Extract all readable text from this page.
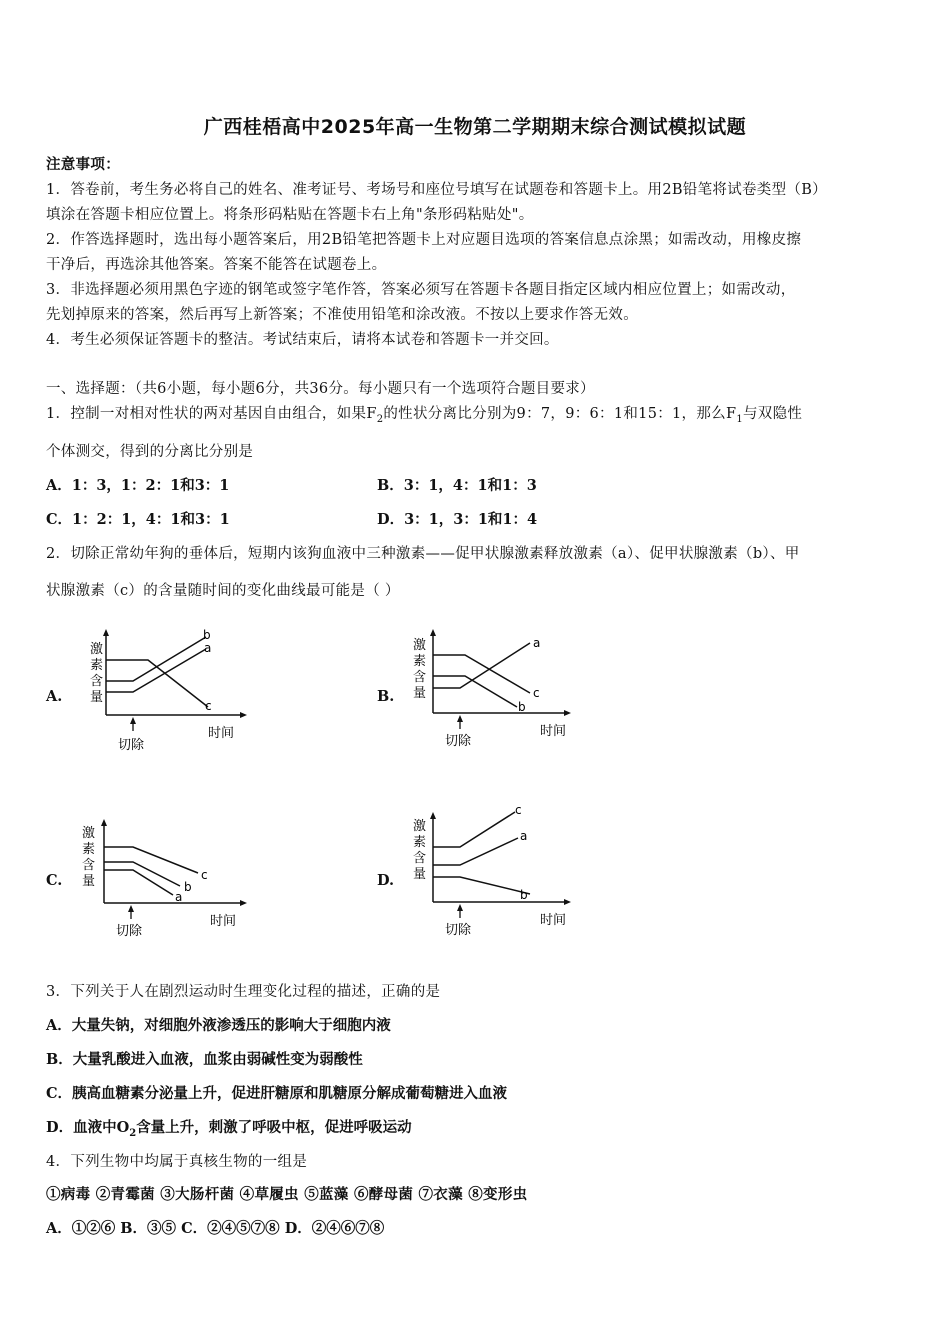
广西桂梧高中2025年高一生物第二学期期末综合测试模拟试题
注意事项：
1．答卷前，考生务必将自己的姓名、准考证号、考场号和座位号填写在试题卷和答题卡上。用2B铅笔将试卷类型（B）
填涂在答题卡相应位置上。将条形码粘贴在答题卡右上角"条形码粘贴处"。
2．作答选择题时，选出每小题答案后，用2B铅笔把答题卡上对应题目选项的答案信息点涂黑；如需改动，用橡皮擦
干净后，再选涂其他答案。答案不能答在试题卷上。
3．非选择题必须用黑色字迹的钢笔或签字笔作答，答案必须写在答题卡各题目指定区域内相应位置上；如需改动，
先划掉原来的答案，然后再写上新答案；不准使用铅笔和涂改液。不按以上要求作答无效。
4．考生必须保证答题卡的整洁。考试结束后，请将本试卷和答题卡一并交回。
一、选择题：（共6小题，每小题6分，共36分。每小题只有一个选项符合题目要求）
1．控制一对相对性状的两对基因自由组合，如果$F_2$的性状分离比分别为9：7，9：6：1和15：1，那么$F_1$与双隐性
个体测交，得到的分离比分别是
A．1：3，1：2：1和3：1	B．3：1，4：1和1：3
C．1：2：1，4：1和3：1	D．3：1，3：1和1：4
2．切除正常幼年狗的垂体后，短期内该狗血液中三种激素——促甲状腺激素释放激素（a）、促甲状腺激素（b）、甲
状腺激素（c）的含量随时间的变化曲线最可能是（ ）
A.
激
素
含
量
b
a
c
切除
时间
B.
激
素
含
量
a
c
b
切除
时间
C.
激
素
含
量	c
b
a
切除
时间
D.
激
素
含
量
c
a
b
切除
时间
3．下列关于人在剧烈运动时生理变化过程的描述，正确的是
A．大量失钠，对细胞外液渗透压的影响大于细胞内液
B．大量乳酸进入血液，血浆由弱碱性变为弱酸性
C．胰高血糖素分泌量上升，促进肝糖原和肌糖原分解成葡萄糖进入血液
D．血液中$O_2$含量上升，刺激了呼吸中枢，促进呼吸运动
4．下列生物中均属于真核生物的一组是
①病毒 ②青霉菌 ③大肠杆菌 ④草履虫 ⑤蓝藻 ⑥酵母菌 ⑦衣藻 ⑧变形虫
A．①②⑥ B．③⑤ C．②④⑤⑦⑧ D．②④⑥⑦⑧
